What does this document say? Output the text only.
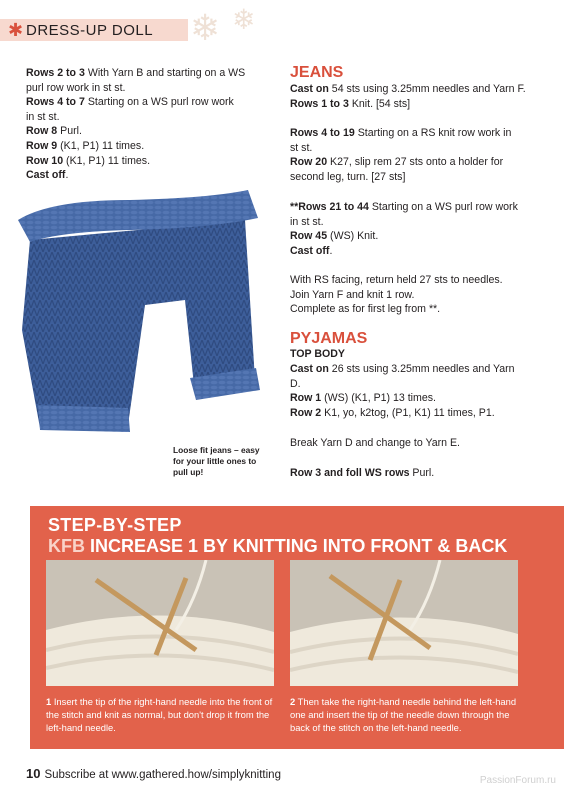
✱ DRESS-UP DOLL ❄ ❄
Rows 2 to 3 With Yarn B and starting on a WS
purl row work in st st.
Rows 4 to 7 Starting on a WS purl row work
in st st.
Row 8 Purl.
Row 9 (K1, P1) 11 times.
Row 10 (K1, P1) 11 times.
Cast off.
Loose fit jeans – easy for your little ones to pull up!
JEANS
Cast on 54 sts using 3.25mm needles and Yarn F.
Rows 1 to 3 Knit. [54 sts]
Rows 4 to 19 Starting on a RS knit row work in
st st.
Row 20 K27, slip rem 27 sts onto a holder for
second leg, turn. [27 sts]
**Rows 21 to 44 Starting on a WS purl row work
in st st.
Row 45 (WS) Knit.
Cast off.
With RS facing, return held 27 sts to needles.
Join Yarn F and knit 1 row.
Complete as for first leg from **.
PYJAMAS
TOP BODY
Cast on 26 sts using 3.25mm needles and Yarn
D.
Row 1 (WS) (K1, P1) 13 times.
Row 2 K1, yo, k2tog, (P1, K1) 11 times, P1.
Break Yarn D and change to Yarn E.
Row 3 and foll WS rows Purl.
STEP-BY-STEP
KFB INCREASE 1 BY KNITTING INTO FRONT & BACK
1 Insert the tip of the right-hand needle into the front of the stitch and knit as normal, but don't drop it from the left-hand needle.
2 Then take the right-hand needle behind the left-hand one and insert the tip of the needle down through the back of the stitch on the left-hand needle.
10 Subscribe at www.gathered.how/simplyknitting	PassionForum.ru
